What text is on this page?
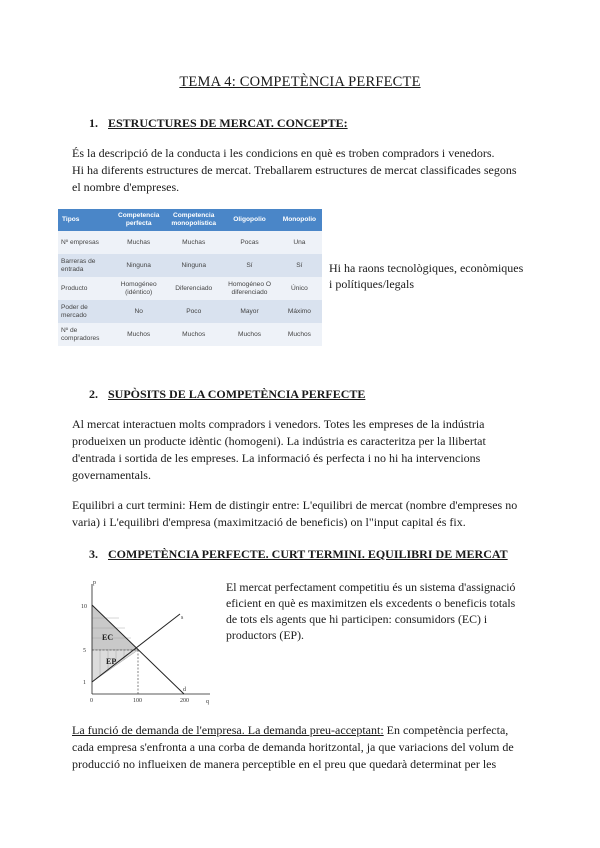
TEMA 4: COMPETÈNCIA PERFECTE
1. ESTRUCTURES DE MERCAT. CONCEPTE:
És la descripció de la conducta i les condicions en què es troben compradors i venedors.
Hi ha diferents estructures de mercat. Treballarem estructures de mercat classificades segons
el nombre d'empreses.
Tipos	Competencia perfecta	Competencia monopolística	Oligopolio	Monopolio
Nº empresas	Muchas	Muchas	Pocas	Una
Barreras de entrada	Ninguna	Ninguna	Sí	Sí
Producto	Homogéneo (idéntico)	Diferenciado	Homogéneo O diferenciado	Único
Poder de mercado	No	Poco	Mayor	Máximo
Nº de compradores	Muchos	Muchos	Muchos	Muchos
Hi ha raons tecnològiques, econòmiques
i polítiques/legals
2. SUPÒSITS DE LA COMPETÈNCIA PERFECTE
Al mercat interactuen molts compradors i venedors. Totes les empreses de la indústria
produeixen un producte idèntic (homogeni). La indústria es caracteritza per la llibertat
d'entrada i sortida de les empreses. La informació és perfecta i no hi ha intervencions
governamentals.
Equilibri a curt termini: Hem de distingir entre: L'equilibri de mercat (nombre d'empreses no
varia) i L'equilibri d'empresa (maximització de beneficis) on l"input capital és fix.
3. COMPETÈNCIA PERFECTE. CURT TERMINI. EQUILIBRI DE MERCAT
p
q
10
5
1
0	100	200
EC
EP
s
d
El mercat perfectament competitiu és un sistema d'assignació
eficient en què es maximitzen els excedents o beneficis totals
de tots els agents que hi participen: consumidors (EC) i
productors (EP).
La funció de demanda de l'empresa. La demanda preu-acceptant: En competència perfecta,
cada empresa s'enfronta a una corba de demanda horitzontal, ja que variacions del volum de
producció no influeixen de manera perceptible en el preu que quedarà determinat per les
